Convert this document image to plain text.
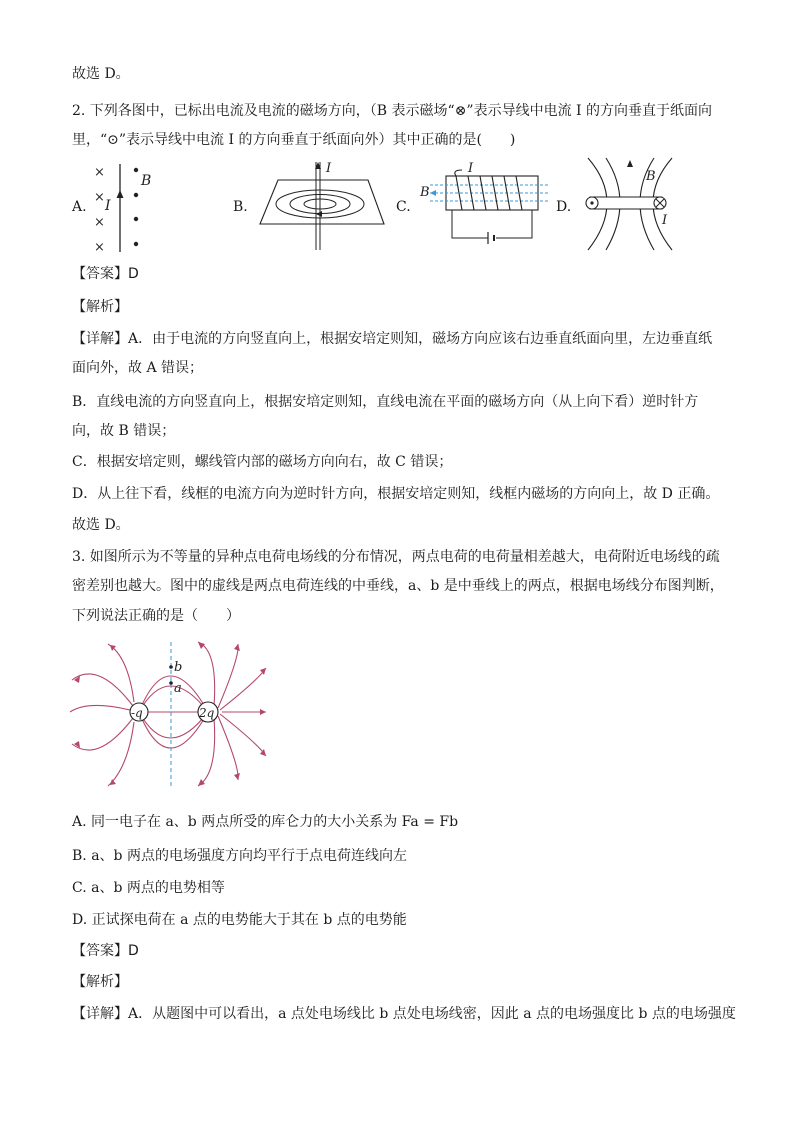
故选 D。
2. 下列各图中，已标出电流及电流的磁场方向，（B 表示磁场“⊗”表示导线中电流 I 的方向垂直于纸面向
里，“⊙”表示导线中电流 I 的方向垂直于纸面向外）其中正确的是(　　)
A.
×
×
×
×
I
B
B.
I
C.
I
B
D.
B
I
【答案】D
【解析】
【详解】A．由于电流的方向竖直向上，根据安培定则知，磁场方向应该右边垂直纸面向里，左边垂直纸
面向外，故 A 错误；
B．直线电流的方向竖直向上，根据安培定则知，直线电流在平面的磁场方向（从上向下看）逆时针方
向，故 B 错误；
C．根据安培定则，螺线管内部的磁场方向向右，故 C 错误；
D．从上往下看，线框的电流方向为逆时针方向，根据安培定则知，线框内磁场的方向向上，故 D 正确。
故选 D。
3. 如图所示为不等量的异种点电荷电场线的分布情况，两点电荷的电荷量相差越大，电荷附近电场线的疏
密差别也越大。图中的虚线是两点电荷连线的中垂线，a、b 是中垂线上的两点，根据电场线分布图判断，
下列说法正确的是（　　）
-q	2q
b
a
A. 同一电子在 a、b 两点所受的库仑力的大小关系为 Fa = Fb
B. a、b 两点的电场强度方向均平行于点电荷连线向左
C. a、b 两点的电势相等
D. 正试探电荷在 a 点的电势能大于其在 b 点的电势能
【答案】D
【解析】
【详解】A．从题图中可以看出，a 点处电场线比 b 点处电场线密，因此 a 点的电场强度比 b 点的电场强度
